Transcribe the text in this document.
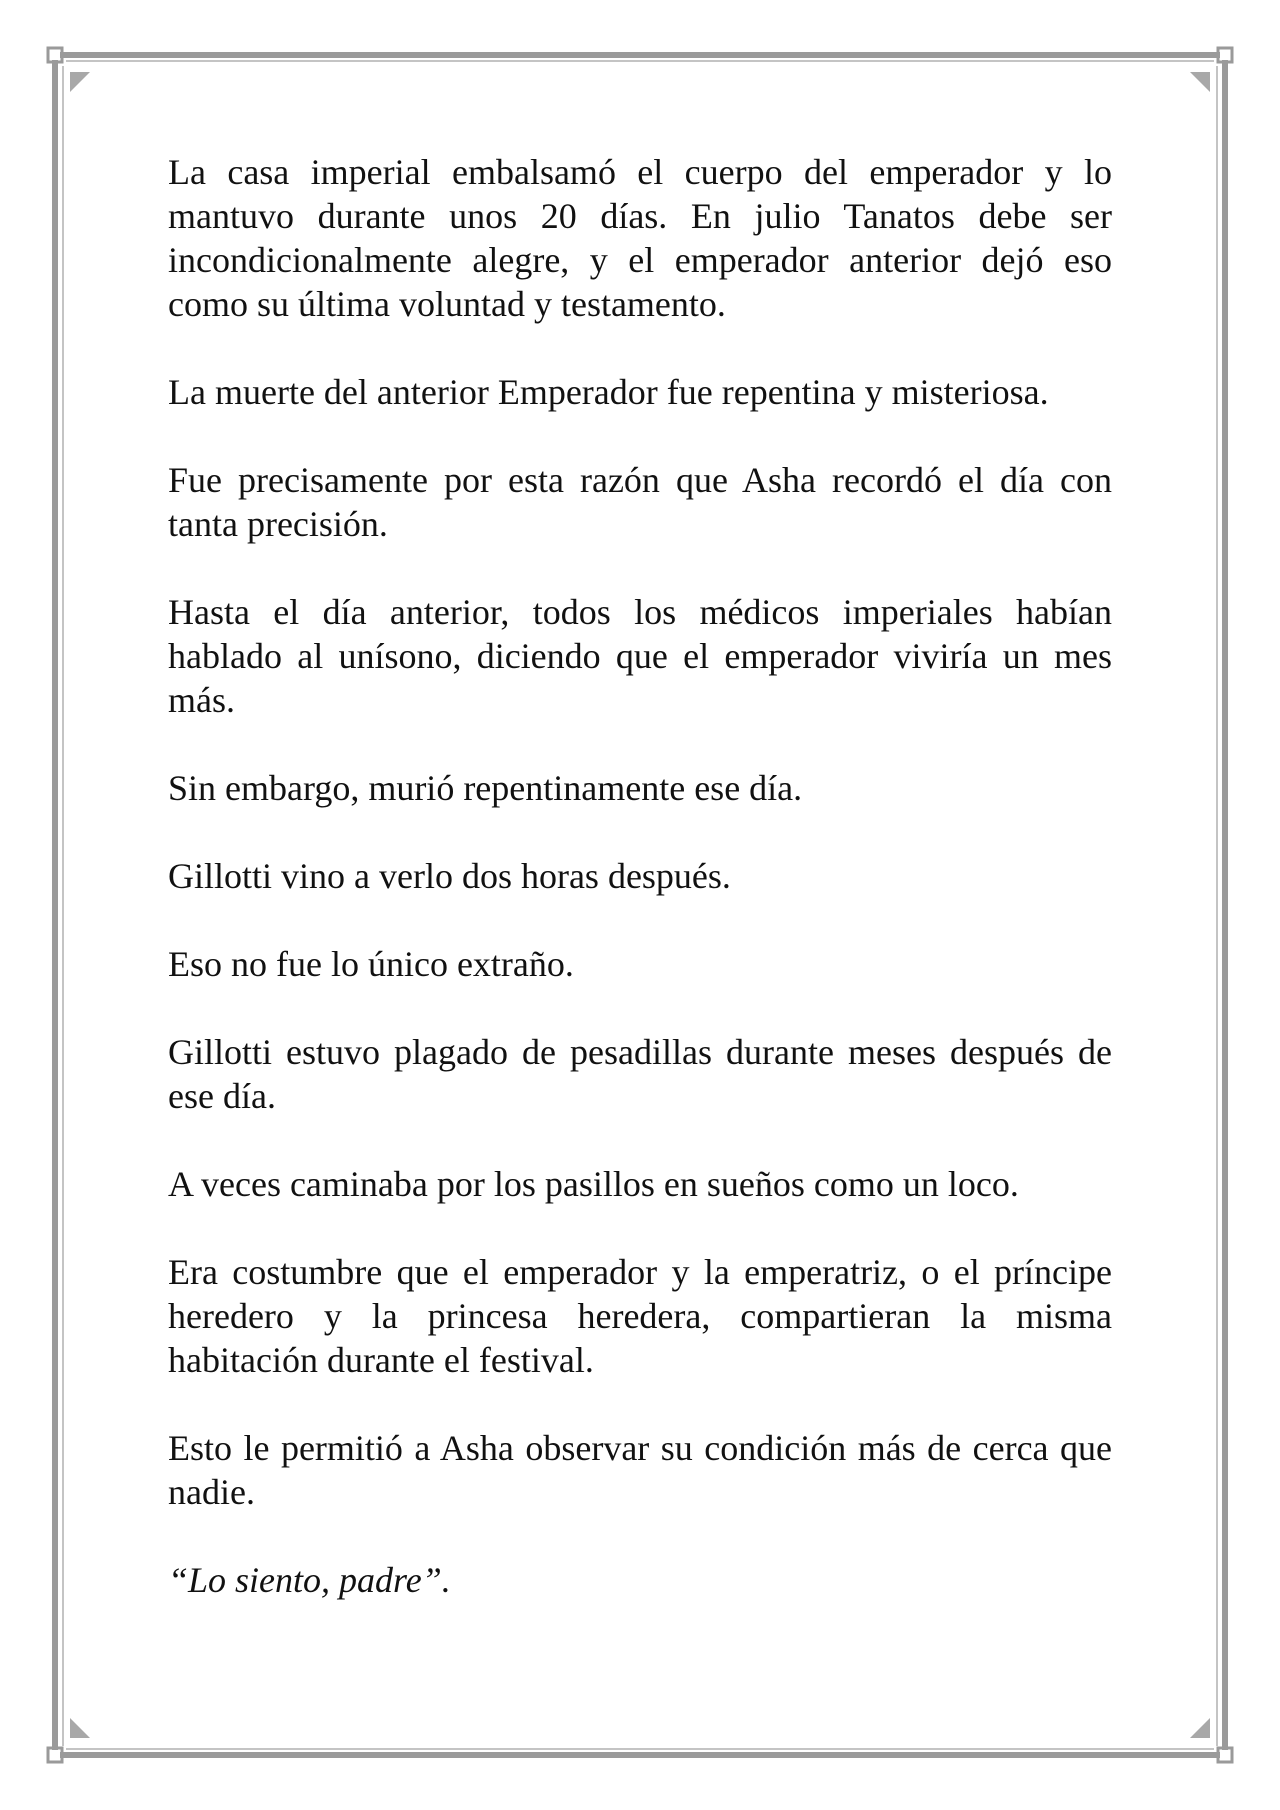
La casa imperial embalsamó el cuerpo del emperador y lo mantuvo durante unos 20 días. En julio Tanatos debe ser incondicionalmente alegre, y el emperador anterior dejó eso como su última voluntad y testamento.

La muerte del anterior Emperador fue repentina y misteriosa.

Fue precisamente por esta razón que Asha recordó el día con tanta precisión.

Hasta el día anterior, todos los médicos imperiales habían hablado al unísono, diciendo que el emperador viviría un mes más.

Sin embargo, murió repentinamente ese día.

Gillotti vino a verlo dos horas después.

Eso no fue lo único extraño.

Gillotti estuvo plagado de pesadillas durante meses después de ese día.

A veces caminaba por los pasillos en sueños como un loco.

Era costumbre que el emperador y la emperatriz, o el príncipe heredero y la princesa heredera, compartieran la misma habitación durante el festival.

Esto le permitió a Asha observar su condición más de cerca que nadie.

“Lo siento, padre”.
